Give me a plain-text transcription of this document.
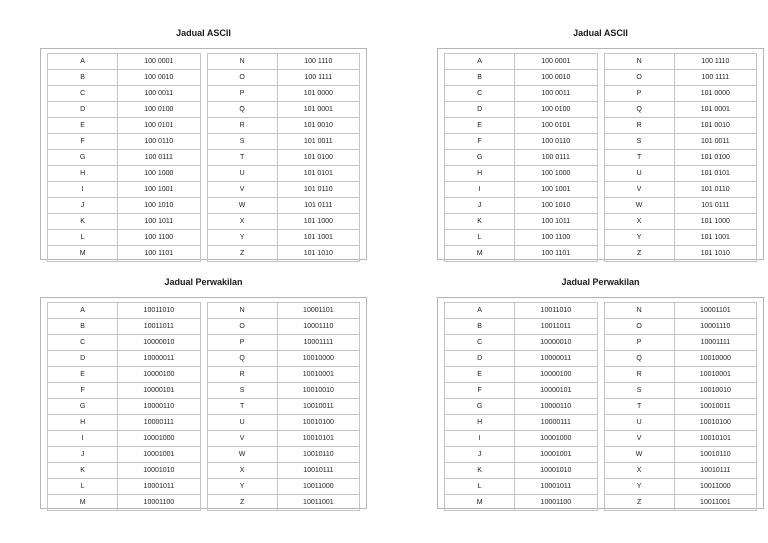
Jadual ASCII
A	100 0001
B	100 0010
C	100 0011
D	100 0100
E	100 0101
F	100 0110
G	100 0111
H	100 1000
I	100 1001
J	100 1010
K	100 1011
L	100 1100
M	100 1101
N	100 1110
O	100 1111
P	101 0000
Q	101 0001
R	101 0010
S	101 0011
T	101 0100
U	101 0101
V	101 0110
W	101 0111
X	101 1000
Y	101 1001
Z	101 1010
Jadual ASCII
A	100 0001
B	100 0010
C	100 0011
D	100 0100
E	100 0101
F	100 0110
G	100 0111
H	100 1000
I	100 1001
J	100 1010
K	100 1011
L	100 1100
M	100 1101
N	100 1110
O	100 1111
P	101 0000
Q	101 0001
R	101 0010
S	101 0011
T	101 0100
U	101 0101
V	101 0110
W	101 0111
X	101 1000
Y	101 1001
Z	101 1010
Jadual Perwakilan
A	10011010
B	10011011
C	10000010
D	10000011
E	10000100
F	10000101
G	10000110
H	10000111
I	10001000
J	10001001
K	10001010
L	10001011
M	10001100
N	10001101
O	10001110
P	10001111
Q	10010000
R	10010001
S	10010010
T	10010011
U	10010100
V	10010101
W	10010110
X	10010111
Y	10011000
Z	10011001
Jadual Perwakilan
A	10011010
B	10011011
C	10000010
D	10000011
E	10000100
F	10000101
G	10000110
H	10000111
I	10001000
J	10001001
K	10001010
L	10001011
M	10001100
N	10001101
O	10001110
P	10001111
Q	10010000
R	10010001
S	10010010
T	10010011
U	10010100
V	10010101
W	10010110
X	10010111
Y	10011000
Z	10011001
